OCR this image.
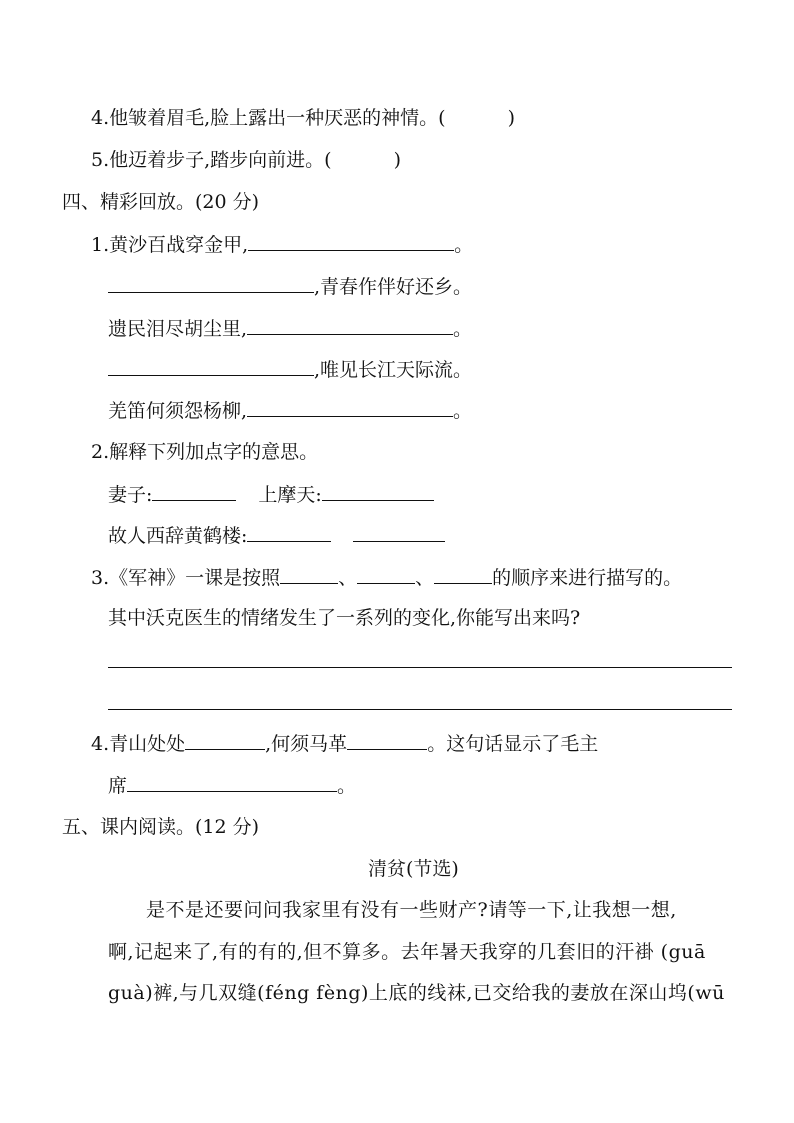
4.他皱着眉毛,脸上露出一种厌恶的神情。(	)
5.他迈着步子,踏步向前进。(	)
四、精彩回放。(20 分)
1.黄沙百战穿金甲,	。
,青春作伴好还乡。
遗民泪尽胡尘里,	。
,唯见长江天际流。
羌笛何须怨杨柳,	。
2.解释下列加点字的意思。
妻子:	上摩天:
故人西辞黄鹤楼:
3.《军神》一课是按照	、	、	的顺序来进行描写的。
其中沃克医生的情绪发生了一系列的变化,你能写出来吗?
4.青山处处	,何须马革	。这句话显示了毛主
席	。
五、课内阅读。(12 分)
清贫(节选)
是不是还要问问我家里有没有一些财产?请等一下,让我想一想,
啊,记起来了,有的有的,但不算多。去年暑天我穿的几套旧的汗褂 (guā
guà)裤,与几双缝(féng fèng)上底的线袜,已交给我的妻放在深山坞(wū
